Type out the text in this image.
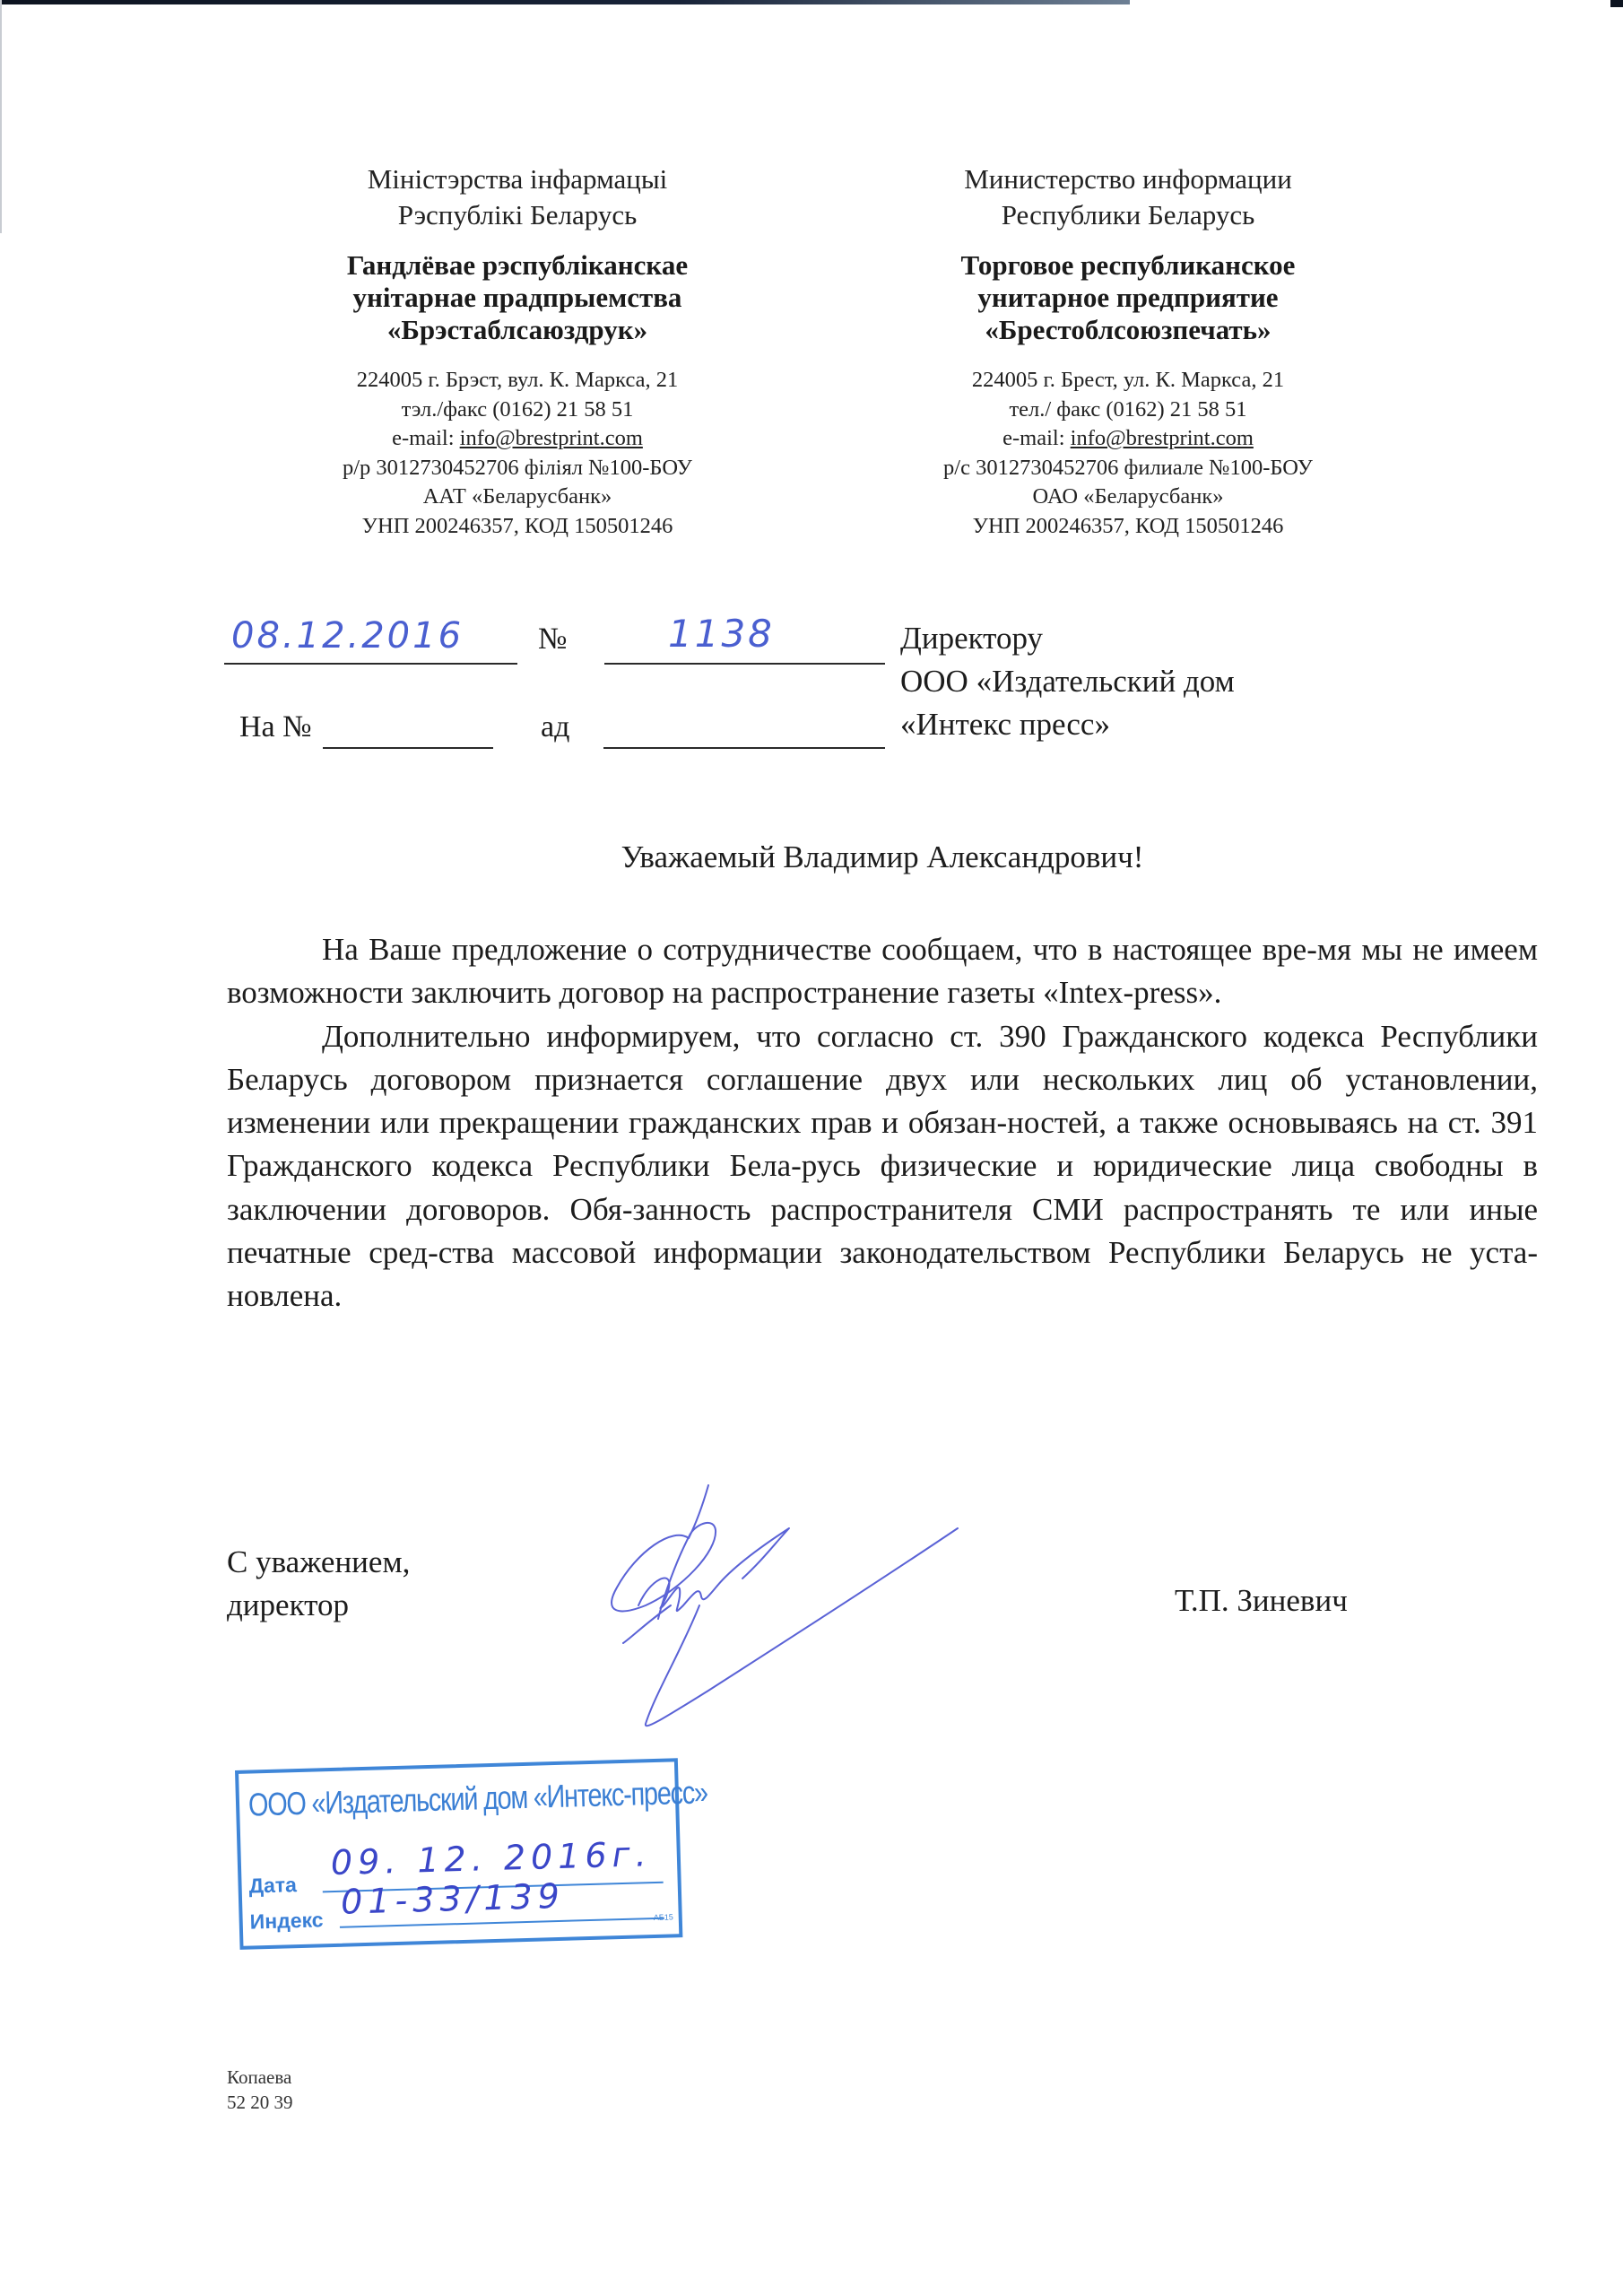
Міністэрства інфармацыі
Рэспублікі Беларусь
Гандлёвае рэспубліканскае
унітарнае прадпрыемства
«Брэстаблсаюздрук»
224005 г. Брэст, вул. К. Маркса, 21
тэл./факс (0162) 21 58 51
e-mail: info@brestprint.com
р/р 3012730452706 філіял №100-БОУ
ААТ «Беларусбанк»
УНП 200246357, КОД 150501246
Министерство информации
Республики Беларусь
Торговое республиканское
унитарное предприятие
«Брестоблсоюзпечать»
224005 г. Брест, ул. К. Маркса, 21
тел./ факс (0162) 21 58 51
e-mail: info@brestprint.com
р/с 3012730452706 филиале №100-БОУ
ОАО «Беларусбанк»
УНП 200246357, КОД 150501246
08.12.2016 №	1138
На №	ад
Директору
ООО «Издательский дом
«Интекс пресс»
Уважаемый Владимир Александрович!

На Ваше предложение о сотрудничестве сообщаем, что в настоящее вре-мя мы не имеем возможности заключить договор на распространение газеты «Intex-press».

Дополнительно информируем, что согласно ст. 390 Гражданского кодекса Республики Беларусь договором признается соглашение двух или нескольких лиц об установлении, изменении или прекращении гражданских прав и обязан-ностей, а также основываясь на ст. 391 Гражданского кодекса Республики Бела-русь физические и юридические лица свободны в заключении договоров. Обя-занность распространителя СМИ распространять те или иные печатные сред-ства массовой информации законодательством Республики Беларусь не уста-новлена.

С уважением,
директор	Т.П. Зиневич
ООО «Издательский дом «Интекс-пресс»
Дата
09. 12. 2016г.
Индекс 01-33/139	АБ15
Копаева
52 20 39
